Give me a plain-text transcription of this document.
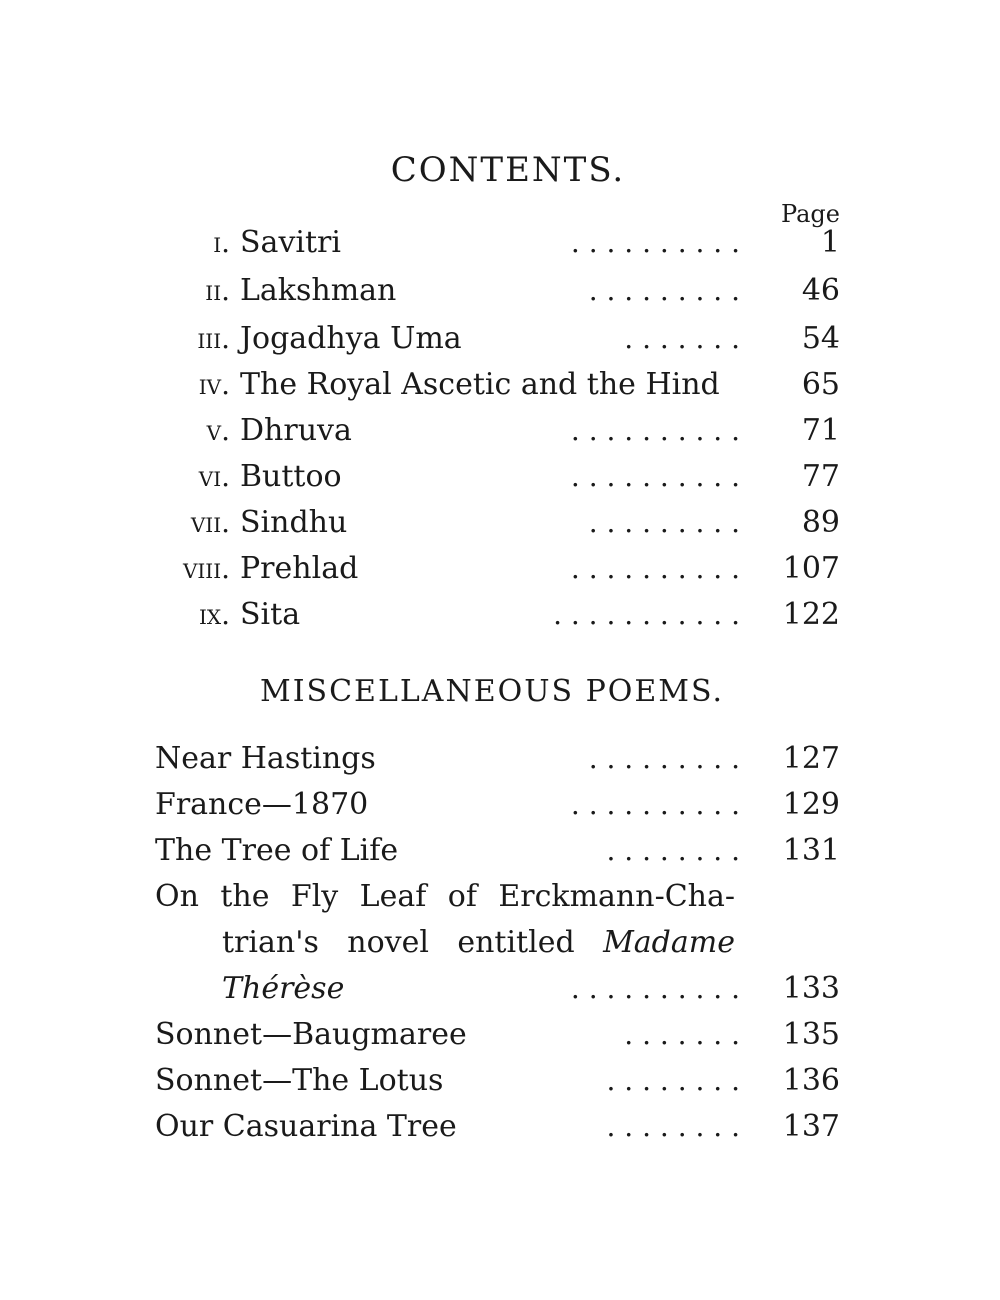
CONTENTS.
Page
i. Savitri	. . . . . . . . . .	1
ii. Lakshman	. . . . . . . . .	46
iii. Jogadhya Uma	. . . . . . .	54
iv. The Royal Ascetic and the Hind	65
v. Dhruva	. . . . . . . . . .	71
vi. Buttoo	. . . . . . . . . .	77
vii. Sindhu	. . . . . . . . .	89
viii. Prehlad	. . . . . . . . . .	107
ix. Sita	. . . . . . . . . . .	122
MISCELLANEOUS POEMS.
Near Hastings	. . . . . . . . .	127
France—1870	. . . . . . . . . .	129
The Tree of Life	. . . . . . . .	131
On the Fly Leaf of Erckmann-Cha-
trian's novel entitled Madame
Thérèse	. . . . . . . . . .	133
Sonnet—Baugmaree	. . . . . . .	135
Sonnet—The Lotus	. . . . . . . .	136
Our Casuarina Tree	. . . . . . . .	137
